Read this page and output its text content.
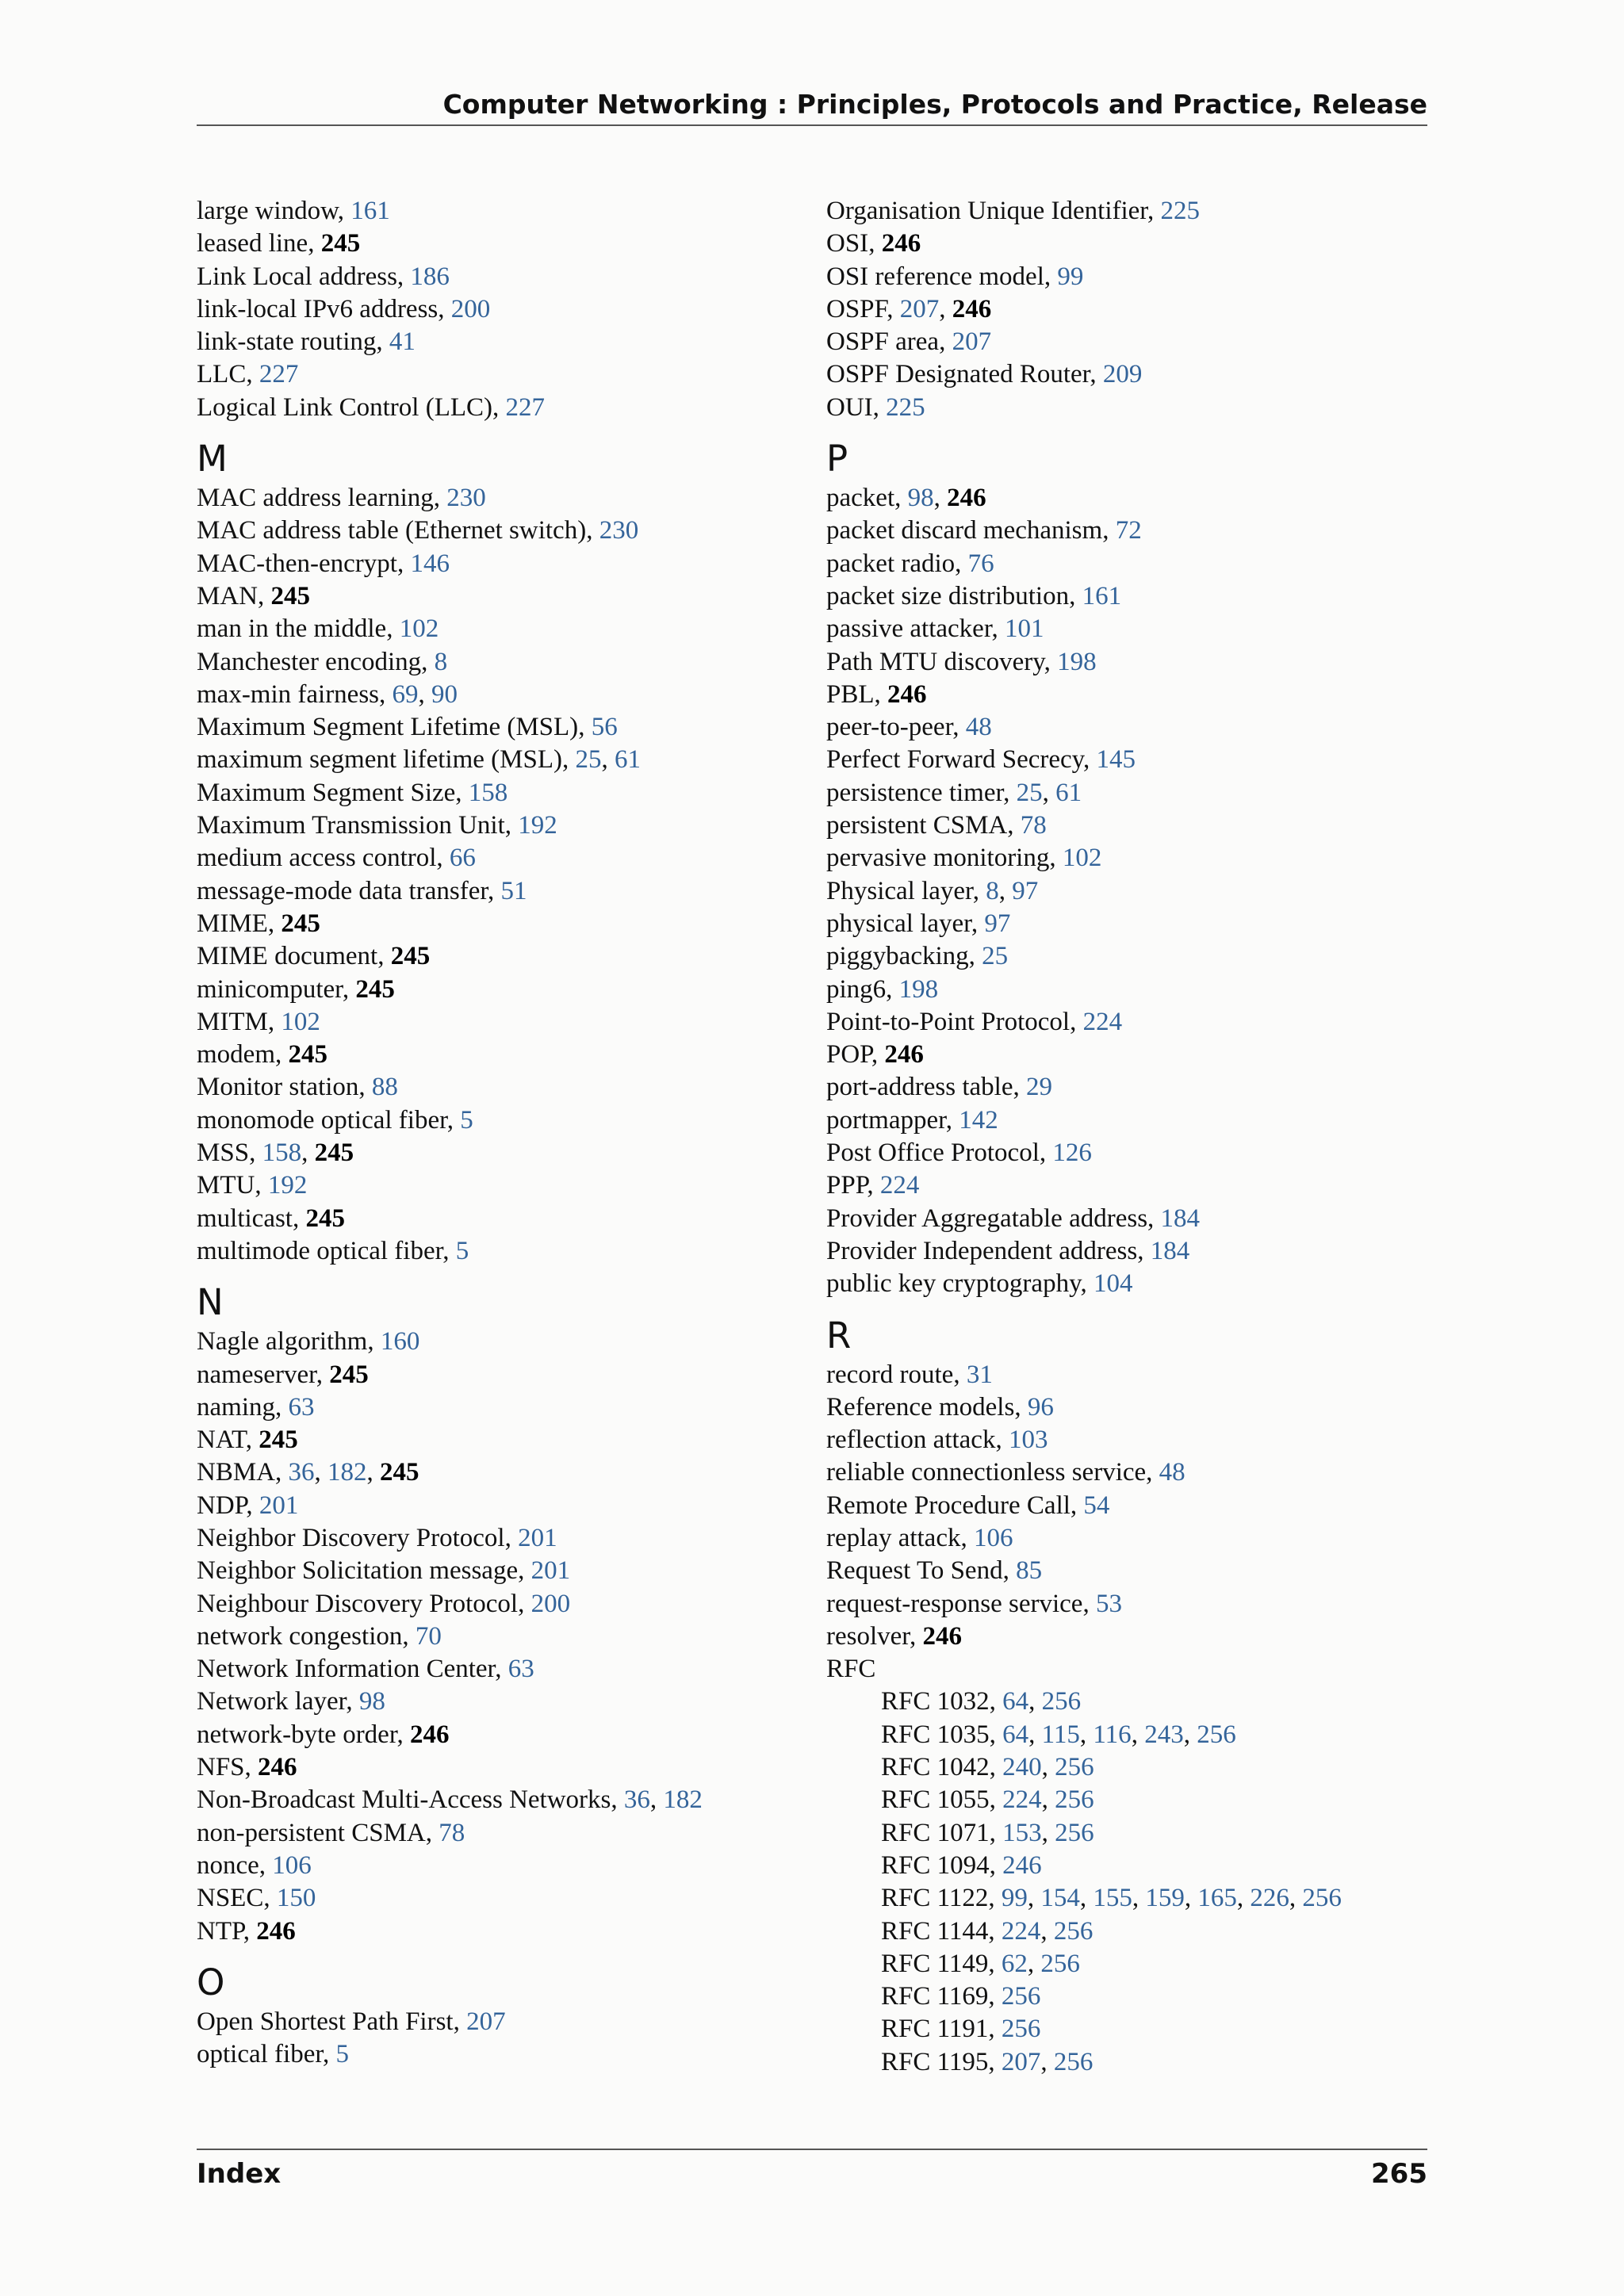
Computer Networking : Principles, Protocols and Practice, Release
large window, 161
leased line, 245
Link Local address, 186
link-local IPv6 address, 200
link-state routing, 41
LLC, 227
Logical Link Control (LLC), 227
M
MAC address learning, 230
MAC address table (Ethernet switch), 230
MAC-then-encrypt, 146
MAN, 245
man in the middle, 102
Manchester encoding, 8
max-min fairness, 69, 90
Maximum Segment Lifetime (MSL), 56
maximum segment lifetime (MSL), 25, 61
Maximum Segment Size, 158
Maximum Transmission Unit, 192
medium access control, 66
message-mode data transfer, 51
MIME, 245
MIME document, 245
minicomputer, 245
MITM, 102
modem, 245
Monitor station, 88
monomode optical fiber, 5
MSS, 158, 245
MTU, 192
multicast, 245
multimode optical fiber, 5
N
Nagle algorithm, 160
nameserver, 245
naming, 63
NAT, 245
NBMA, 36, 182, 245
NDP, 201
Neighbor Discovery Protocol, 201
Neighbor Solicitation message, 201
Neighbour Discovery Protocol, 200
network congestion, 70
Network Information Center, 63
Network layer, 98
network-byte order, 246
NFS, 246
Non-Broadcast Multi-Access Networks, 36, 182
non-persistent CSMA, 78
nonce, 106
NSEC, 150
NTP, 246
O
Open Shortest Path First, 207
optical fiber, 5
Organisation Unique Identifier, 225
OSI, 246
OSI reference model, 99
OSPF, 207, 246
OSPF area, 207
OSPF Designated Router, 209
OUI, 225
P
packet, 98, 246
packet discard mechanism, 72
packet radio, 76
packet size distribution, 161
passive attacker, 101
Path MTU discovery, 198
PBL, 246
peer-to-peer, 48
Perfect Forward Secrecy, 145
persistence timer, 25, 61
persistent CSMA, 78
pervasive monitoring, 102
Physical layer, 8, 97
physical layer, 97
piggybacking, 25
ping6, 198
Point-to-Point Protocol, 224
POP, 246
port-address table, 29
portmapper, 142
Post Office Protocol, 126
PPP, 224
Provider Aggregatable address, 184
Provider Independent address, 184
public key cryptography, 104
R
record route, 31
Reference models, 96
reflection attack, 103
reliable connectionless service, 48
Remote Procedure Call, 54
replay attack, 106
Request To Send, 85
request-response service, 53
resolver, 246
RFC
RFC 1032, 64, 256
RFC 1035, 64, 115, 116, 243, 256
RFC 1042, 240, 256
RFC 1055, 224, 256
RFC 1071, 153, 256
RFC 1094, 246
RFC 1122, 99, 154, 155, 159, 165, 226, 256
RFC 1144, 224, 256
RFC 1149, 62, 256
RFC 1169, 256
RFC 1191, 256
RFC 1195, 207, 256
Index	265
